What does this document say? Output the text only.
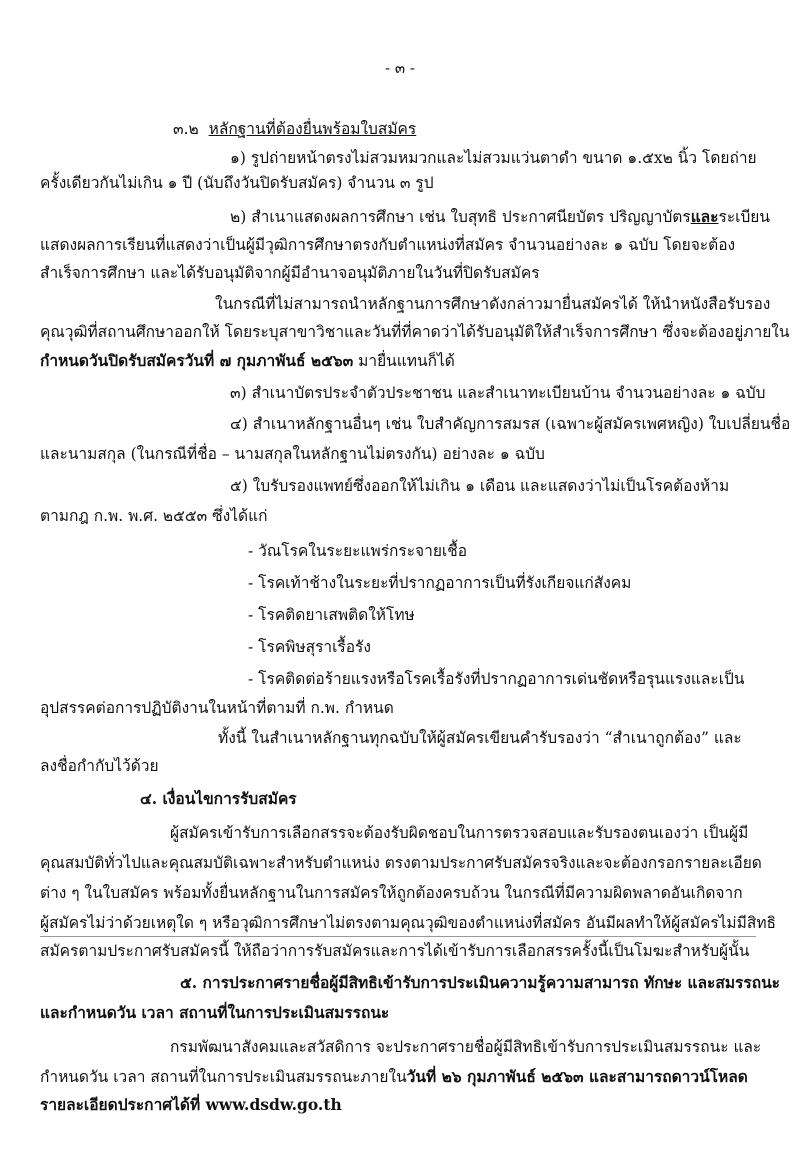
- ๓ -
๓.๒ หลักฐานที่ต้องยื่นพร้อมใบสมัคร
๑) รูปถ่ายหน้าตรงไม่สวมหมวกและไม่สวมแว่นตาดำ ขนาด ๑.๕x๒ นิ้ว โดยถ่าย
ครั้งเดียวกันไม่เกิน ๑ ปี (นับถึงวันปิดรับสมัคร) จำนวน ๓ รูป
๒) สำเนาแสดงผลการศึกษา เช่น ใบสุทธิ ประกาศนียบัตร ปริญญาบัตรและระเบียน
แสดงผลการเรียนที่แสดงว่าเป็นผู้มีวุฒิการศึกษาตรงกับตำแหน่งที่สมัคร จำนวนอย่างละ ๑ ฉบับ โดยจะต้อง
สำเร็จการศึกษา และได้รับอนุมัติจากผู้มีอำนาจอนุมัติภายในวันที่ปิดรับสมัคร
ในกรณีที่ไม่สามารถนำหลักฐานการศึกษาดังกล่าวมายื่นสมัครได้ ให้นำหนังสือรับรอง
คุณวุฒิที่สถานศึกษาออกให้ โดยระบุสาขาวิชาและวันที่ที่คาดว่าได้รับอนุมัติให้สำเร็จการศึกษา ซึ่งจะต้องอยู่ภายใน
กำหนดวันปิดรับสมัครวันที่ ๗ กุมภาพันธ์ ๒๕๖๓ มายื่นแทนก็ได้
๓) สำเนาบัตรประจำตัวประชาชน และสำเนาทะเบียนบ้าน จำนวนอย่างละ ๑ ฉบับ
๔) สำเนาหลักฐานอื่นๆ เช่น ใบสำคัญการสมรส (เฉพาะผู้สมัครเพศหญิง) ใบเปลี่ยนชื่อ
และนามสกุล (ในกรณีที่ชื่อ – นามสกุลในหลักฐานไม่ตรงกัน) อย่างละ ๑ ฉบับ
๕) ใบรับรองแพทย์ซึ่งออกให้ไม่เกิน ๑ เดือน และแสดงว่าไม่เป็นโรคต้องห้าม
ตามกฎ ก.พ. พ.ศ. ๒๕๕๓ ซึ่งได้แก่
- วัณโรคในระยะแพร่กระจายเชื้อ
- โรคเท้าช้างในระยะที่ปรากฏอาการเป็นที่รังเกียจแก่สังคม
- โรคติดยาเสพติดให้โทษ
- โรคพิษสุราเรื้อรัง
- โรคติดต่อร้ายแรงหรือโรคเรื้อรังที่ปรากฏอาการเด่นชัดหรือรุนแรงและเป็น
อุปสรรคต่อการปฏิบัติงานในหน้าที่ตามที่ ก.พ. กำหนด
ทั้งนี้ ในสำเนาหลักฐานทุกฉบับให้ผู้สมัครเขียนคำรับรองว่า “สำเนาถูกต้อง” และ
ลงชื่อกำกับไว้ด้วย
๔. เงื่อนไขการรับสมัคร
ผู้สมัครเข้ารับการเลือกสรรจะต้องรับผิดชอบในการตรวจสอบและรับรองตนเองว่า เป็นผู้มี
คุณสมบัติทั่วไปและคุณสมบัติเฉพาะสำหรับตำแหน่ง ตรงตามประกาศรับสมัครจริงและจะต้องกรอกรายละเอียด
ต่าง ๆ ในใบสมัคร พร้อมทั้งยื่นหลักฐานในการสมัครให้ถูกต้องครบถ้วน ในกรณีที่มีความผิดพลาดอันเกิดจาก
ผู้สมัครไม่ว่าด้วยเหตุใด ๆ หรือวุฒิการศึกษาไม่ตรงตามคุณวุฒิของตำแหน่งที่สมัคร อันมีผลทำให้ผู้สมัครไม่มีสิทธิ
สมัครตามประกาศรับสมัครนี้ ให้ถือว่าการรับสมัครและการได้เข้ารับการเลือกสรรครั้งนี้เป็นโมฆะสำหรับผู้นั้น
๕. การประกาศรายชื่อผู้มีสิทธิเข้ารับการประเมินความรู้ความสามารถ ทักษะ และสมรรถนะ
และกำหนดวัน เวลา สถานที่ในการประเมินสมรรถนะ
กรมพัฒนาสังคมและสวัสดิการ จะประกาศรายชื่อผู้มีสิทธิเข้ารับการประเมินสมรรถนะ และ
กำหนดวัน เวลา สถานที่ในการประเมินสมรรถนะภายในวันที่ ๒๖ กุมภาพันธ์ ๒๕๖๓ และสามารถดาวน์โหลด
รายละเอียดประกาศได้ที่ www.dsdw.go.th
